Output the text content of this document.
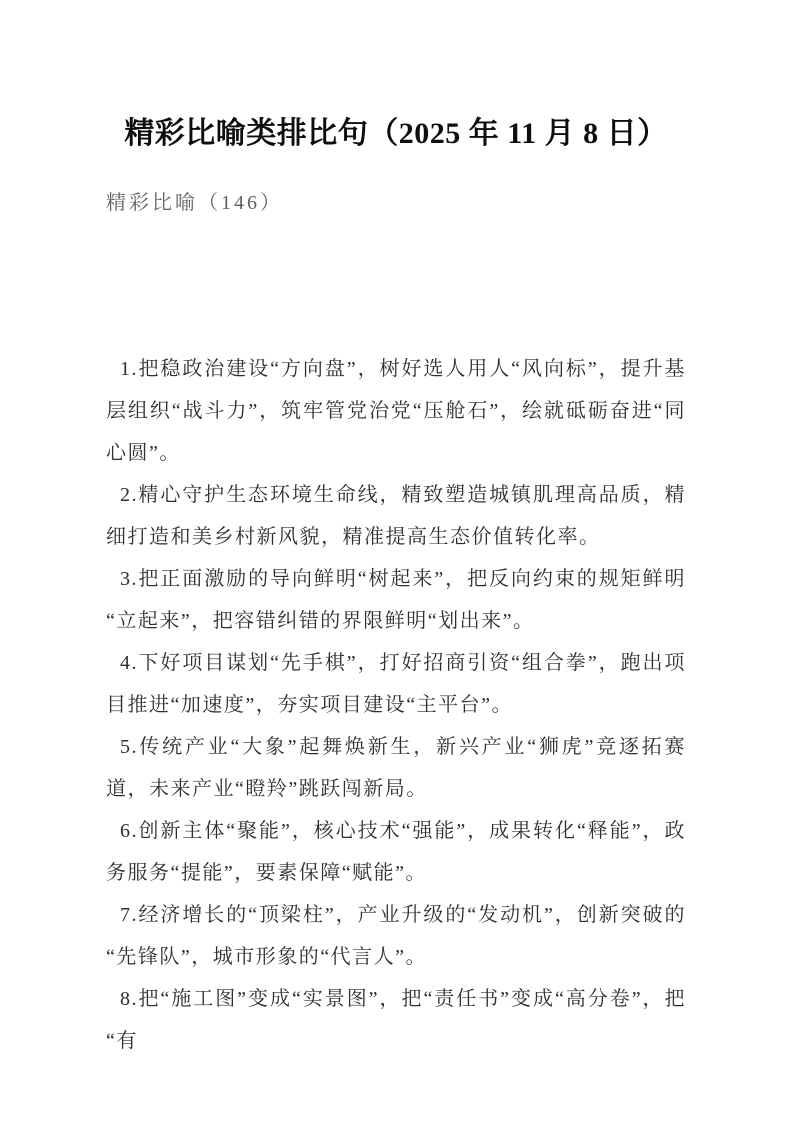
精彩比喻类排比句（2025 年 11 月 8 日）
精彩比喻（146）

1.把稳政治建设“方向盘”，树好选人用人“风向标”，提升基层组织“战斗力”，筑牢管党治党“压舱石”，绘就砥砺奋进“同心圆”。

2.精心守护生态环境生命线，精致塑造城镇肌理高品质，精细打造和美乡村新风貌，精准提高生态价值转化率。

3.把正面激励的导向鲜明“树起来”，把反向约束的规矩鲜明“立起来”，把容错纠错的界限鲜明“划出来”。

4.下好项目谋划“先手棋”，打好招商引资“组合拳”，跑出项目推进“加速度”，夯实项目建设“主平台”。

5.传统产业“大象”起舞焕新生，新兴产业“狮虎”竞逐拓赛道，未来产业“瞪羚”跳跃闯新局。

6.创新主体“聚能”，核心技术“强能”，成果转化“释能”，政务服务“提能”，要素保障“赋能”。

7.经济增长的“顶梁柱”，产业升级的“发动机”，创新突破的“先锋队”，城市形象的“代言人”。

8.把“施工图”变成“实景图”，把“责任书”变成“高分卷”，把“有
